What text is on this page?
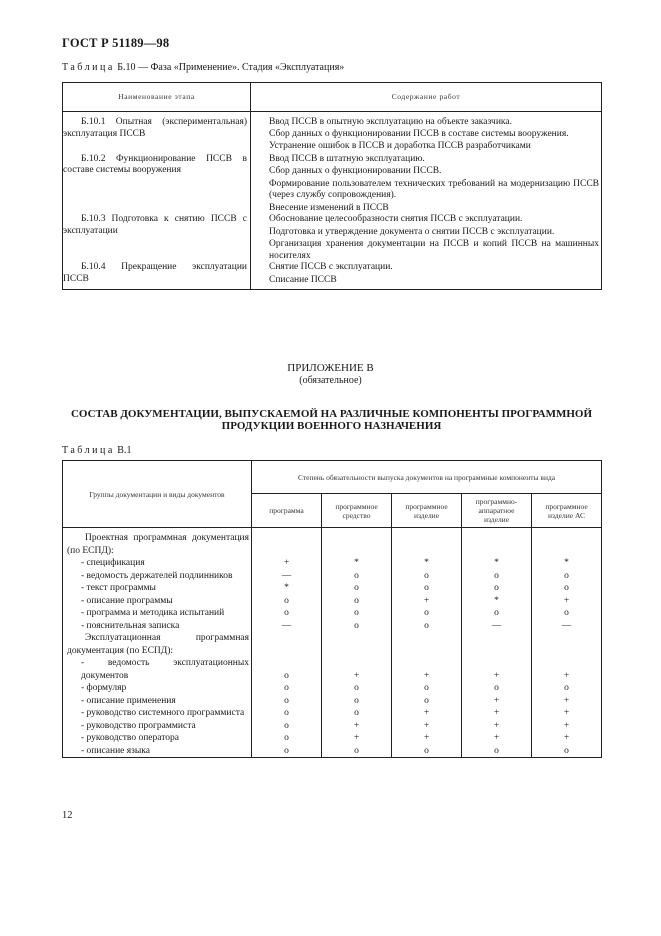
ГОСТ Р 51189—98
Таблица Б.10 — Фаза «Применение». Стадия «Эксплуатация»
Наименование этапа	Содержание работ
Б.10.1 Опытная (экспериментальная) эксплуатация ПССВ	Ввод ПССВ в опытную эксплуатацию на объекте заказчика.
Сбор данных о функционировании ПССВ в составе системы вооружения.
Устранение ошибок в ПССВ и доработка ПССВ разработчиками

Б.10.2 Функционирование ПССВ в составе системы вооружения	Ввод ПССВ в штатную эксплуатацию.
Сбор данных о функционировании ПССВ.
Формирование пользователем технических требований на модернизацию ПССВ (через службу сопровождения).
Внесение изменений в ПССВ

Б.10.3 Подготовка к снятию ПССВ с эксплуатации	Обоснование целесообразности снятия ПССВ с эксплуатации.
Подготовка и утверждение документа о снятии ПССВ с эксплуатации.
Организация хранения документации на ПССВ и копий ПССВ на машинных носителях

Б.10.4 Прекращение эксплуатации ПССВ	Снятие ПССВ с эксплуатации.
Списание ПССВ
ПРИЛОЖЕНИЕ В
(обязательное)
СОСТАВ ДОКУМЕНТАЦИИ, ВЫПУСКАЕМОЙ НА РАЗЛИЧНЫЕ КОМПОНЕНТЫ ПРОГРАММНОЙ
ПРОДУКЦИИ ВОЕННОГО НАЗНАЧЕНИЯ
Таблица В.1
Группы документации и виды документов	Степень обязательности выпуска документов на программные компоненты вида				
	программа	программное средство	программное изделие	программно-аппаратное изделие	программное изделие АС
Проектная программная документация (по ЕСПД):					
- спецификация	+	*	*	*	*
- ведомость держателей подлинников	—	o	o	o	o
- текст программы	*	o	o	o	o
- описание программы	o	o	+	*	+
- программа и методика испытаний	o	o	o	o	o
- пояснительная записка	—	o	o	—	—
Эксплуатационная программная документация (по ЕСПД):					
- ведомость эксплуатационных документов	o	+	+	+	+
- формуляр	o	o	o	o	o
- описание применения	o	o	o	+	+
- руководство системного программиста	o	o	+	+	+
- руководство программиста	o	+	+	+	+
- руководство оператора	o	+	+	+	+
- описание языка	o	o	o	o	o
12
